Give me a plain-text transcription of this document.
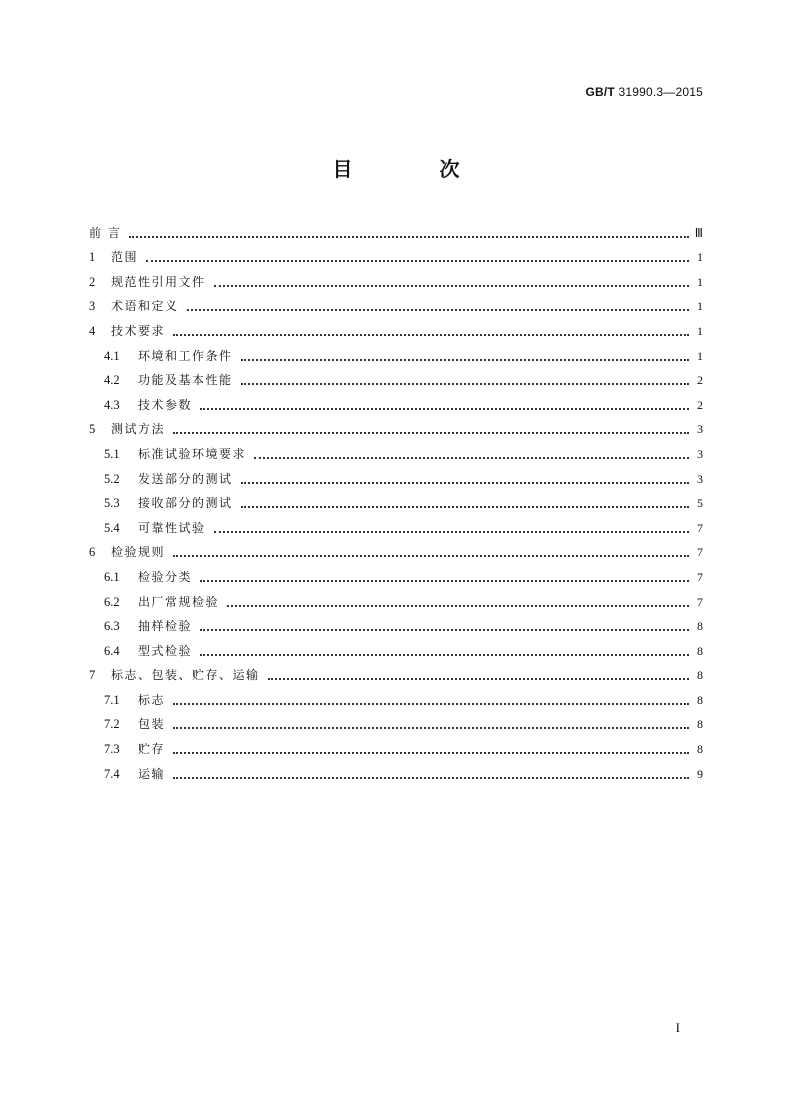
GB/T 31990.3—2015
目 次
前 言	Ⅲ
1	范围	1
2	规范性引用文件	1
3	术语和定义	1
4	技术要求	1
4.1	环境和工作条件	1
4.2	功能及基本性能	2
4.3	技术参数	2
5	测试方法	3
5.1	标准试验环境要求	3
5.2	发送部分的测试	3
5.3	接收部分的测试	5
5.4	可靠性试验	7
6	检验规则	7
6.1	检验分类	7
6.2	出厂常规检验	7
6.3	抽样检验	8
6.4	型式检验	8
7	标志、包装、贮存、运输	8
7.1	标志	8
7.2	包装	8
7.3	贮存	8
7.4	运输	9
I
